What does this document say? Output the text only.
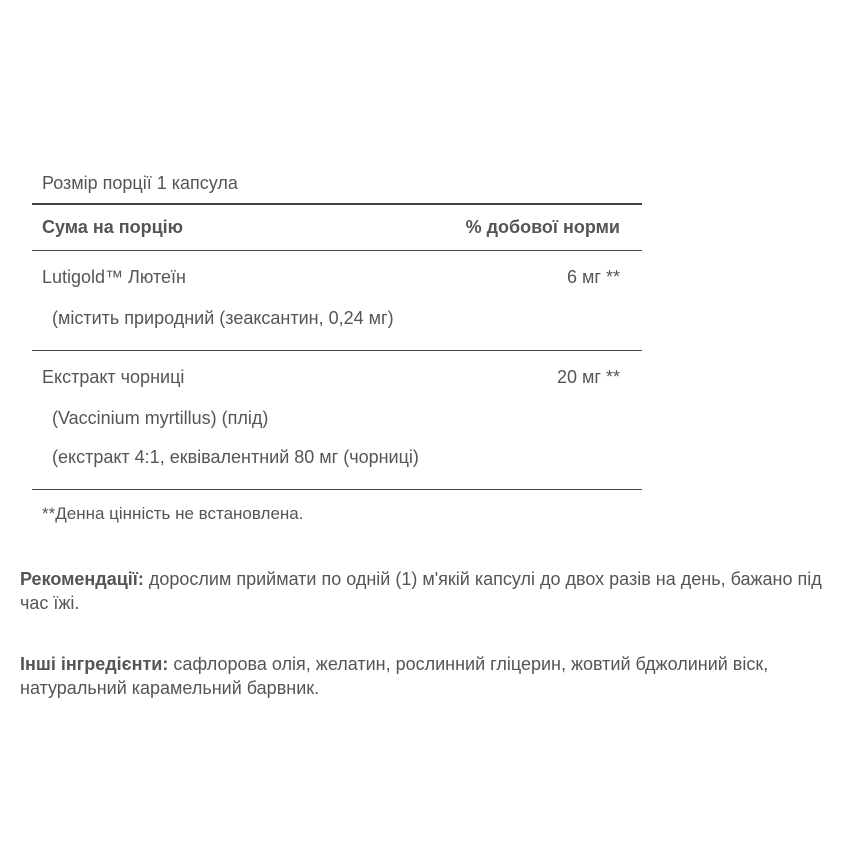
Розмір порції 1 капсула
Сума на порцію	% добової норми
Lutigold™ Лютеїн	6 мг **
(містить природний (зеаксантин, 0,24 мг)
Екстракт чорниці	20 мг **
(Vaccinium myrtillus) (плід)
(екстракт 4:1, еквівалентний 80 мг (чорниці)
**Денна цінність не встановлена.
Рекомендації: дорослим приймати по одній (1) м'якій капсулі до двох разів на день, бажано під час їжі.
Інші інгредієнти: сафлорова олія, желатин, рослинний гліцерин, жовтий бджолиний віск, натуральний карамельний барвник.
